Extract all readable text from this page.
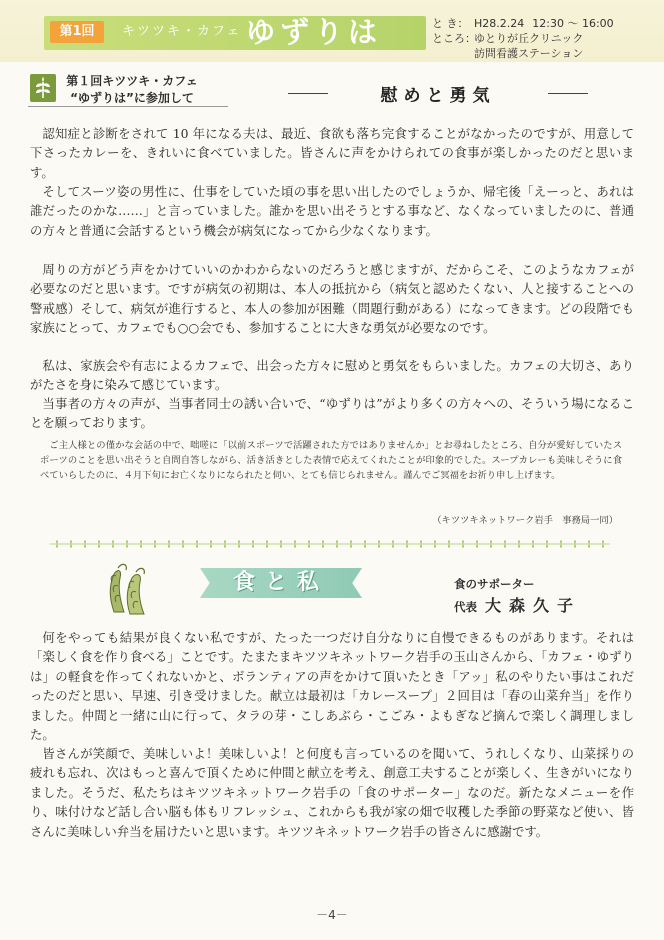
第1回	キツツキ・カフェ ゆずりは	と き： H28.2.24 12:30 〜 16:00
ところ：
ゆとりが丘クリニック
訪問看護ステーション
第１回キツツキ・カフェ
“ゆずりは”に参加して	慰めと勇気

認知症と診断をされて 10 年になる夫は、最近、食欲も落ち完食することがなかったのですが、用意して下さったカレーを、きれいに食べていました。皆さんに声をかけられての食事が楽しかったのだと思います。

そしてスーツ姿の男性に、仕事をしていた頃の事を思い出したのでしょうか、帰宅後「えーっと、あれは誰だったのかな……」と言っていました。誰かを思い出そうとする事など、なくなっていましたのに、普通の方々と普通に会話するという機会が病気になってから少なくなります。

周りの方がどう声をかけていいのかわからないのだろうと感じますが、だからこそ、このようなカフェが必要なのだと思います。ですが病気の初期は、本人の抵抗から（病気と認めたくない、人と接することへの警戒感）そして、病気が進行すると、本人の参加が困難（問題行動がある）になってきます。どの段階でも家族にとって、カフェでも○○会でも、参加することに大きな勇気が必要なのです。

私は、家族会や有志によるカフェで、出会った方々に慰めと勇気をもらいました。カフェの大切さ、ありがたさを身に染みて感じています。

当事者の方々の声が、当事者同士の誘い合いで、“ゆずりは”がより多くの方々への、そういう場になることを願っております。

ご主人様との僅かな会話の中で、咄嗟に「以前スポーツで活躍された方ではありませんか」とお尋ねしたところ、自分が愛好していたスポーツのことを思い出そうと自問自答しながら、活き活きとした表情で応えてくれたことが印象的でした。スープカレーも美味しそうに食べていらしたのに、４月下旬にお亡くなりになられたと伺い、とても信じられません。謹んでご冥福をお祈り申し上げます。

（キツツキネットワーク岩手　事務局一同）
食と私	食のサポーター
代表 大森久子

何をやっても結果が良くない私ですが、たった一つだけ自分なりに自慢できるものがあります。それは「楽しく食を作り食べる」ことです。たまたまキツツキネットワーク岩手の玉山さんから、「カフェ・ゆずりは」の軽食を作ってくれないかと、ボランティアの声をかけて頂いたとき「アッ」私のやりたい事はこれだったのだと思い、早速、引き受けました。献立は最初は「カレースープ」２回目は「春の山菜弁当」を作りました。仲間と一緒に山に行って、タラの芽・こしあぶら・こごみ・よもぎなど摘んで楽しく調理しました。

皆さんが笑顔で、美味しいよ！美味しいよ！と何度も言っているのを聞いて、うれしくなり、山菜採りの疲れも忘れ、次はもっと喜んで頂くために仲間と献立を考え、創意工夫することが楽しく、生きがいになりました。そうだ、私たちはキツツキネットワーク岩手の「食のサポーター」なのだ。新たなメニューを作り、味付けなど話し合い脳も体もリフレッシュ、これからも我が家の畑で収穫した季節の野菜など使い、皆さんに美味しい弁当を届けたいと思います。キツツキネットワーク岩手の皆さんに感謝です。

－4－
